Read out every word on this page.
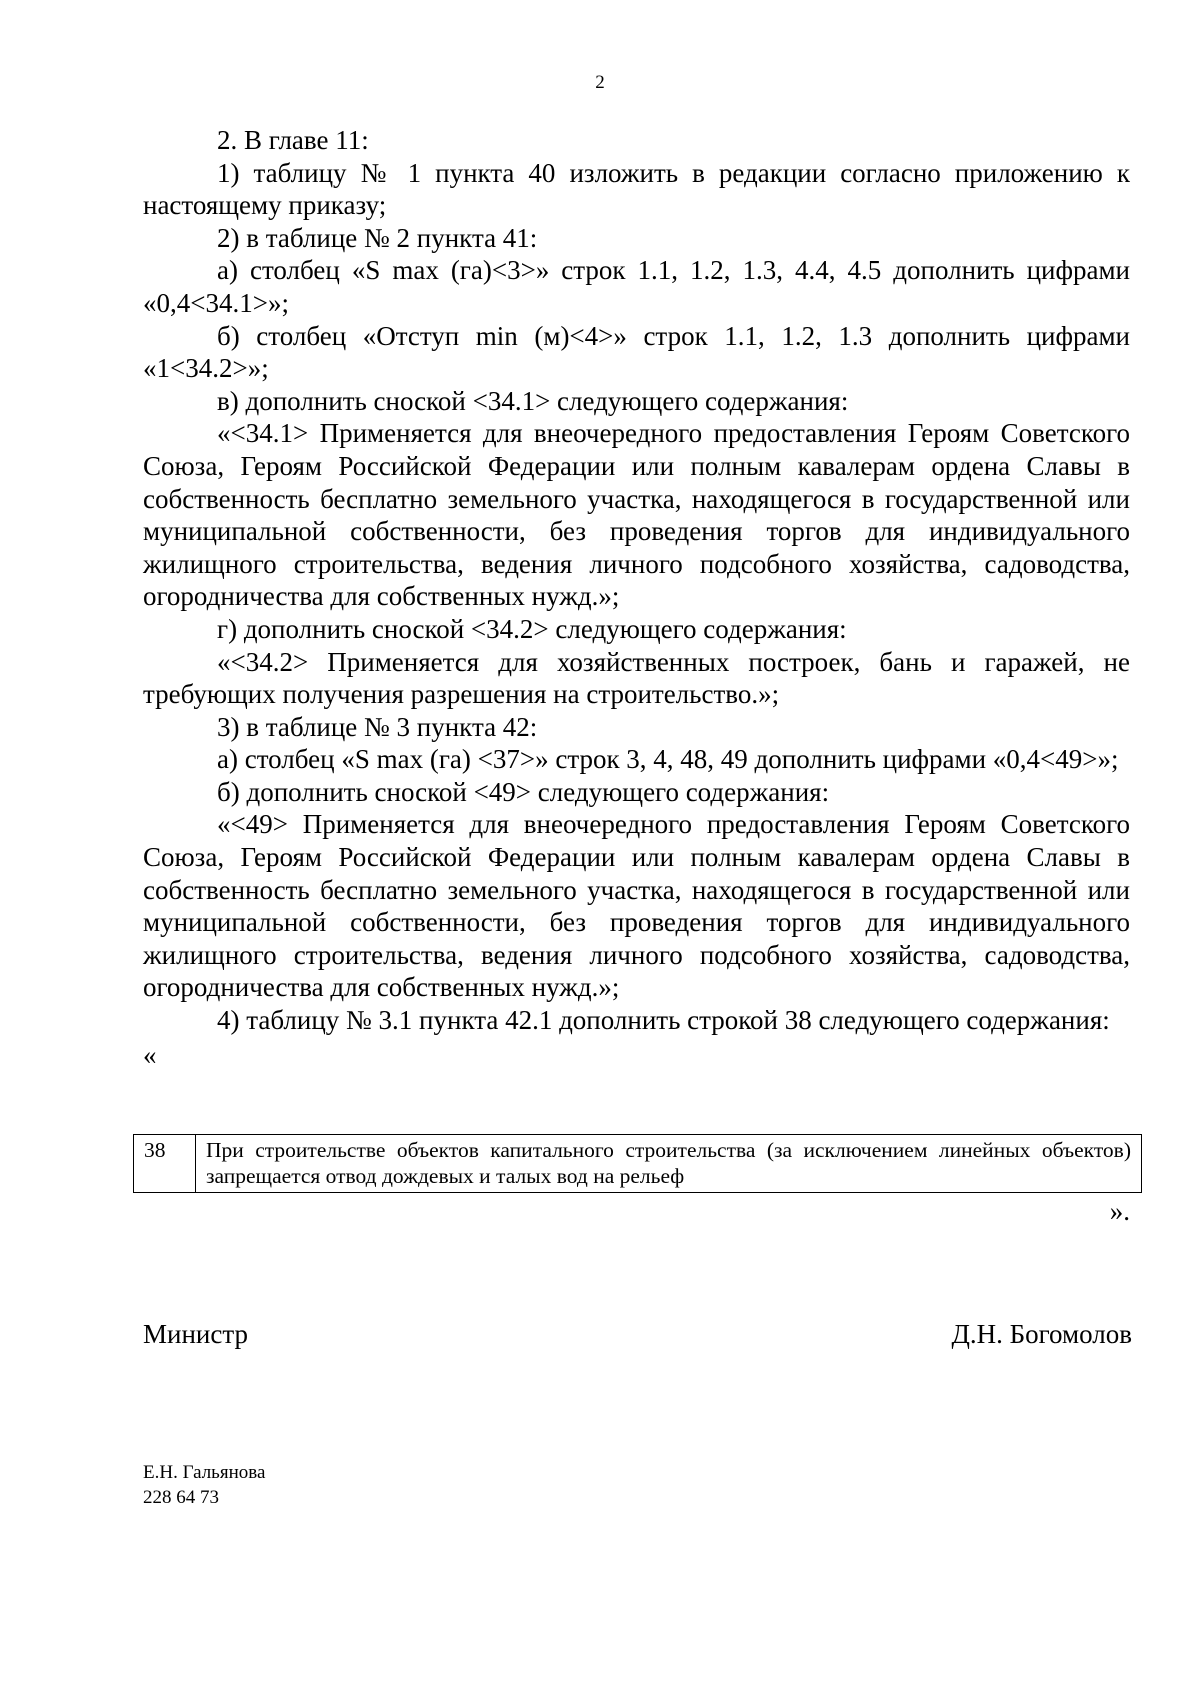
2

2. В главе 11:

1) таблицу № 1 пункта 40 изложить в редакции согласно приложению к настоящему приказу;

2) в таблице № 2 пункта 41:

а) столбец «S max (га)<3>» строк 1.1, 1.2, 1.3, 4.4, 4.5 дополнить цифрами «0,4<34.1>»;

б) столбец «Отступ min (м)<4>» строк 1.1, 1.2, 1.3 дополнить цифрами «1<34.2>»;

в) дополнить сноской <34.1> следующего содержания:

«<34.1> Применяется для внеочередного предоставления Героям Советского Союза, Героям Российской Федерации или полным кавалерам ордена Славы в собственность бесплатно земельного участка, находящегося в государственной или муниципальной собственности, без проведения торгов для индивидуального жилищного строительства, ведения личного подсобного хозяйства, садоводства, огородничества для собственных нужд.»;

г) дополнить сноской <34.2> следующего содержания:

«<34.2> Применяется для хозяйственных построек, бань и гаражей, не требующих получения разрешения на строительство.»;

3) в таблице № 3 пункта 42:

а) столбец «S max (га) <37>» строк 3, 4, 48, 49 дополнить цифрами «0,4<49>»;

б) дополнить сноской <49> следующего содержания:

«<49> Применяется для внеочередного предоставления Героям Советского Союза, Героям Российской Федерации или полным кавалерам ордена Славы в собственность бесплатно земельного участка, находящегося в государственной или муниципальной собственности, без проведения торгов для индивидуального жилищного строительства, ведения личного подсобного хозяйства, садоводства, огородничества для собственных нужд.»;

4) таблицу № 3.1 пункта 42.1 дополнить строкой 38 следующего содержания:

«

38	При строительстве объектов капитального строительства (за исключением линейных объектов) запрещается отвод дождевых и талых вод на рельеф
».
Министр	Д.Н. Богомолов
Е.Н. Гальянова
228 64 73
